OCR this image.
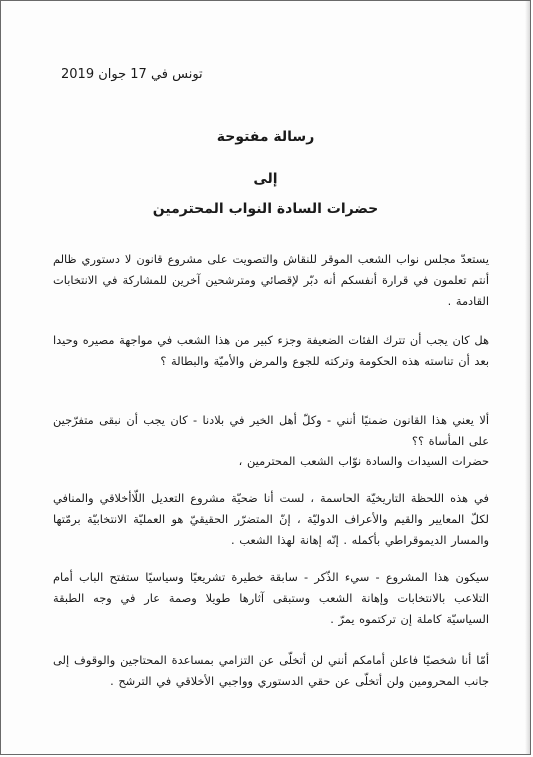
تونس في 17 جوان 2019
رسالة مفتوحة
إلى
حضرات السادة النواب المحترمين

يستعدّ مجلس نواب الشعب الموقر للنقاش والتصويت على مشروع قانون لا دستوري ظالم أنتم تعلمون في قرارة أنفسكم أنه دبّر لإقصائي ومترشحين آخرين للمشاركة في الانتخابات القادمة .

هل كان يجب أن تترك الفئات الضعيفة وجزء كبير من هذا الشعب في مواجهة مصيره وحيدا بعد أن تناسته هذه الحكومة وتركته للجوع والمرض والأميّة والبطالة ؟

ألا يعني هذا القانون ضمنيًا أنني - وكلّ أهل الخير في بلادنا - كان يجب أن نبقى متفرّجين على المأساة ؟؟

حضرات السيدات والسادة نوّاب الشعب المحترمين ،

في هذه اللحظة التاريخيّة الحاسمة ، لست أنا ضحيّة مشروع التعديل اللّاأخلاقي والمنافي لكلّ المعايير والقيم والأعراف الدوليّة ، إنّ المتضرّر الحقيقيّ هو العمليّة الانتخابيّة برمّتها والمسار الديموقراطي بأكمله . إنّه إهانة لهذا الشعب .

سيكون هذا المشروع - سيء الذّكر - سابقة خطيرة تشريعيًا وسياسيًا ستفتح الباب أمام التلاعب بالانتخابات وإهانة الشعب وستبقى آثارها طويلا وصمة عار في وجه الطبقة السياسيّة كاملة إن تركتموه يمرّ .

أمّا أنا شخصيًا فاعلن أمامكم أنني لن أتخلّى عن التزامي بمساعدة المحتاجين والوقوف إلى جانب المحرومين ولن أتخلّى عن حقي الدستوري وواجبي الأخلاقي في الترشح .
